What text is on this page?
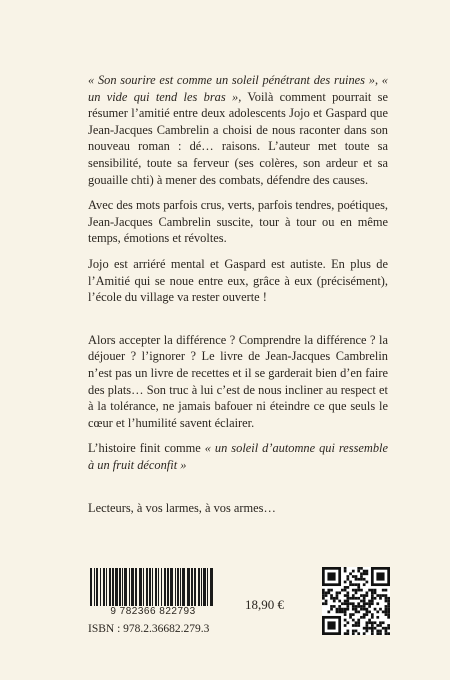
« Son sourire est comme un soleil pénétrant des ruines », « un vide qui tend les bras », Voilà comment pourrait se résumer l’amitié entre deux adolescents Jojo et Gaspard que Jean-Jacques Cambrelin a choisi de nous raconter dans son nouveau roman : dé… raisons. L’auteur met toute sa sensibilité, toute sa ferveur (ses colères, son ardeur et sa gouaille chti) à mener des combats, défendre des causes.

Avec des mots parfois crus, verts, parfois tendres, poétiques, Jean-Jacques Cambrelin suscite, tour à tour ou en même temps, émotions et révoltes.

Jojo est arriéré mental et Gaspard est autiste. En plus de l’Amitié qui se noue entre eux, grâce à eux (précisément), l’école du village va rester ouverte !

Alors accepter la différence ? Comprendre la différence ? la déjouer ? l’ignorer ? Le livre de Jean-Jacques Cambrelin n’est pas un livre de recettes et il se garderait bien d’en faire des plats… Son truc à lui c’est de nous incliner au respect et à la tolérance, ne jamais bafouer ni éteindre ce que seuls le cœur et l’humilité savent éclairer.

L’histoire finit comme « un soleil d’automne qui ressemble à un fruit déconfit »

Lecteurs, à vos larmes, à vos armes…

9 782366 822793
ISBN : 978.2.36682.279.3
18,90 €
